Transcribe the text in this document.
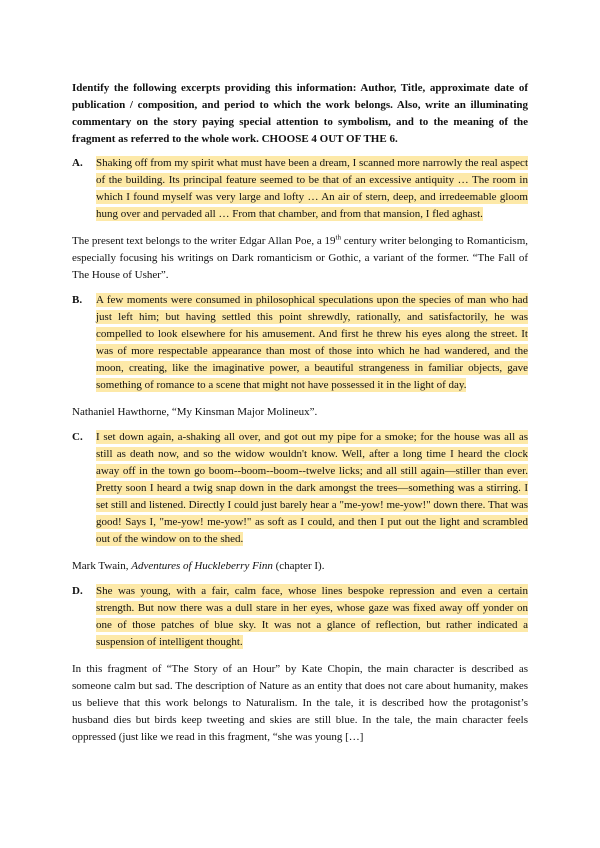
Identify the following excerpts providing this information: Author, Title, approximate date of publication / composition, and period to which the work belongs. Also, write an illuminating commentary on the story paying special attention to symbolism, and to the meaning of the fragment as referred to the whole work. CHOOSE 4 OUT OF THE 6.

A.	Shaking off from my spirit what must have been a dream, I scanned more narrowly the real aspect of the building. Its principal feature seemed to be that of an excessive antiquity … The room in which I found myself was very large and lofty … An air of stern, deep, and irredeemable gloom hung over and pervaded all … From that chamber, and from that mansion, I fled aghast.

The present text belongs to the writer Edgar Allan Poe, a 19th century writer belonging to Romanticism, especially focusing his writings on Dark romanticism or Gothic, a variant of the former. “The Fall of The House of Usher”.

B.	A few moments were consumed in philosophical speculations upon the species of man who had just left him; but having settled this point shrewdly, rationally, and satisfactorily, he was compelled to look elsewhere for his amusement. And first he threw his eyes along the street. It was of more respectable appearance than most of those into which he had wandered, and the moon, creating, like the imaginative power, a beautiful strangeness in familiar objects, gave something of romance to a scene that might not have possessed it in the light of day.

Nathaniel Hawthorne, “My Kinsman Major Molineux”.

C.	I set down again, a-shaking all over, and got out my pipe for a smoke; for the house was all as still as death now, and so the widow wouldn't know. Well, after a long time I heard the clock away off in the town go boom--boom--boom--twelve licks; and all still again—stiller than ever. Pretty soon I heard a twig snap down in the dark amongst the trees—something was a stirring. I set still and listened. Directly I could just barely hear a "me-yow! me-yow!" down there. That was good! Says I, "me-yow! me-yow!" as soft as I could, and then I put out the light and scrambled out of the window on to the shed.

Mark Twain, Adventures of Huckleberry Finn (chapter I).

D.	She was young, with a fair, calm face, whose lines bespoke repression and even a certain strength. But now there was a dull stare in her eyes, whose gaze was fixed away off yonder on one of those patches of blue sky. It was not a glance of reflection, but rather indicated a suspension of intelligent thought.

In this fragment of “The Story of an Hour” by Kate Chopin, the main character is described as someone calm but sad. The description of Nature as an entity that does not care about humanity, makes us believe that this work belongs to Naturalism. In the tale, it is described how the protagonist’s husband dies but birds keep tweeting and skies are still blue. In the tale, the main character feels oppressed (just like we read in this fragment, “she was young […]
